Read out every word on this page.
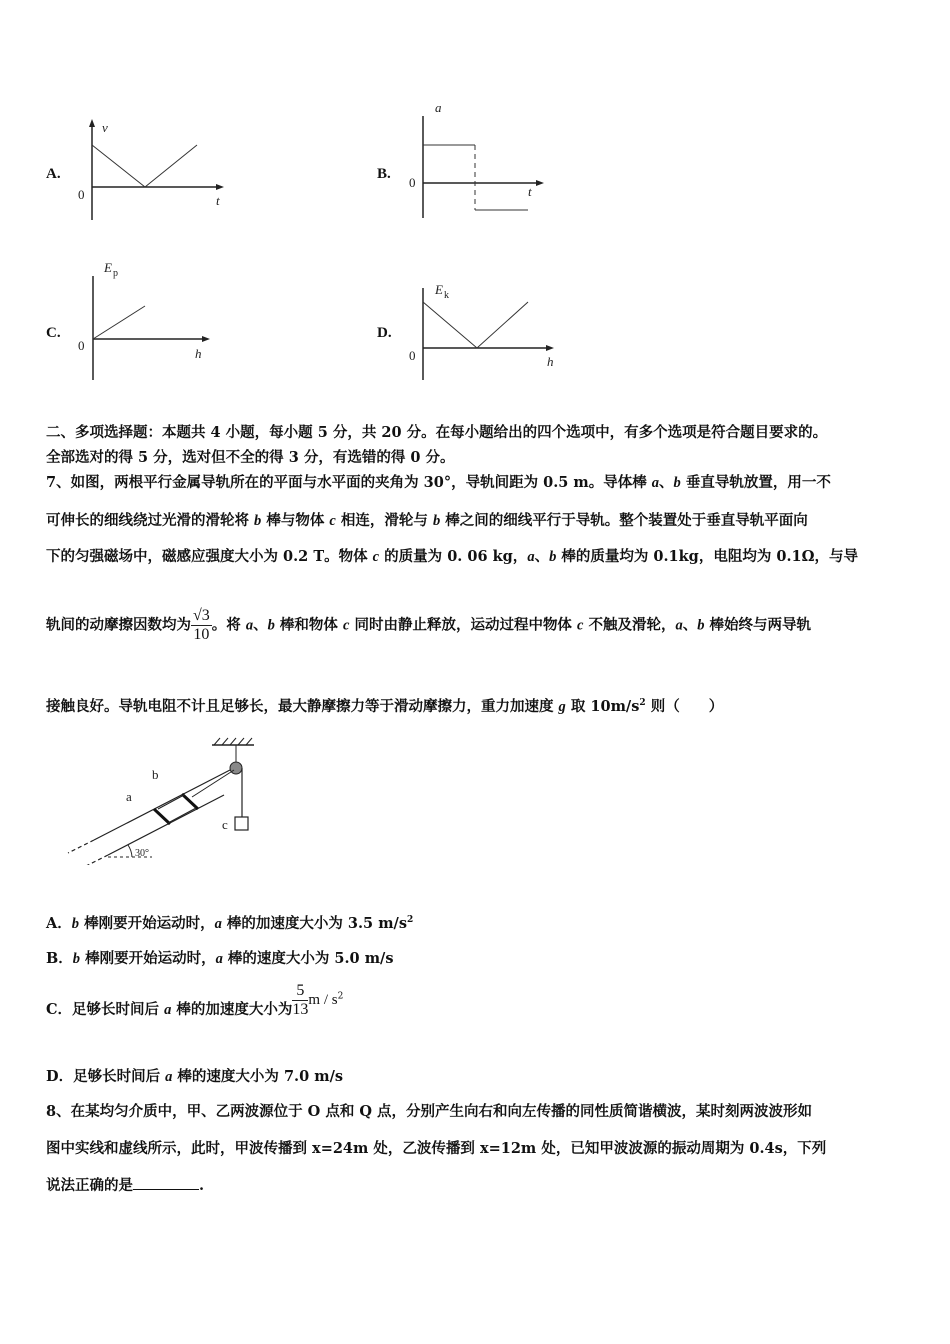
A.
v
t
0
B.
a
t
0
C.
E p
h
0
D.
E k
h
0
二、多项选择题：本题共 4 小题，每小题 5 分，共 20 分。在每小题给出的四个选项中，有多个选项是符合题目要求的。
全部选对的得 5 分，选对但不全的得 3 分，有选错的得 0 分。
7、如图，两根平行金属导轨所在的平面与水平面的夹角为 30°，导轨间距为 0.5 m。导体棒 a、b 垂直导轨放置，用一不
可伸长的细线绕过光滑的滑轮将 b 棒与物体 c 相连，滑轮与 b 棒之间的细线平行于导轨。整个装置处于垂直导轨平面向
下的匀强磁场中，磁感应强度大小为 0.2 T。物体 c 的质量为 0. 06 kg，a、b 棒的质量均为 0.1kg，电阻均为 0.1Ω，与导
轨间的动摩擦因数均为 $\frac{√3}{10}$ 。将 a、b 棒和物体 c 同时由静止释放，运动过程中物体 c 不触及滑轮，a、b 棒始终与两导轨
接触良好。导轨电阻不计且足够长，最大静摩擦力等于滑动摩擦力，重力加速度 g 取 $10m/s^2$ 则（　　）
c
a
b
30°
A．b 棒刚要开始运动时，a 棒的加速度大小为 3.5 $m/s^2$
B．b 棒刚要开始运动时，a 棒的速度大小为 5.0 m/s
C．足够长时间后 a 棒的加速度大小为 $\frac{5}{13}$ m / $s^2$
D．足够长时间后 a 棒的速度大小为 7.0 m/s
8、在某均匀介质中，甲、乙两波源位于 O 点和 Q 点，分别产生向右和向左传播的同性质简谐横波，某时刻两波波形如
图中实线和虚线所示，此时，甲波传播到 x=24m 处，乙波传播到 x=12m 处，已知甲波波源的振动周期为 0.4s，下列
说法正确的是	.
